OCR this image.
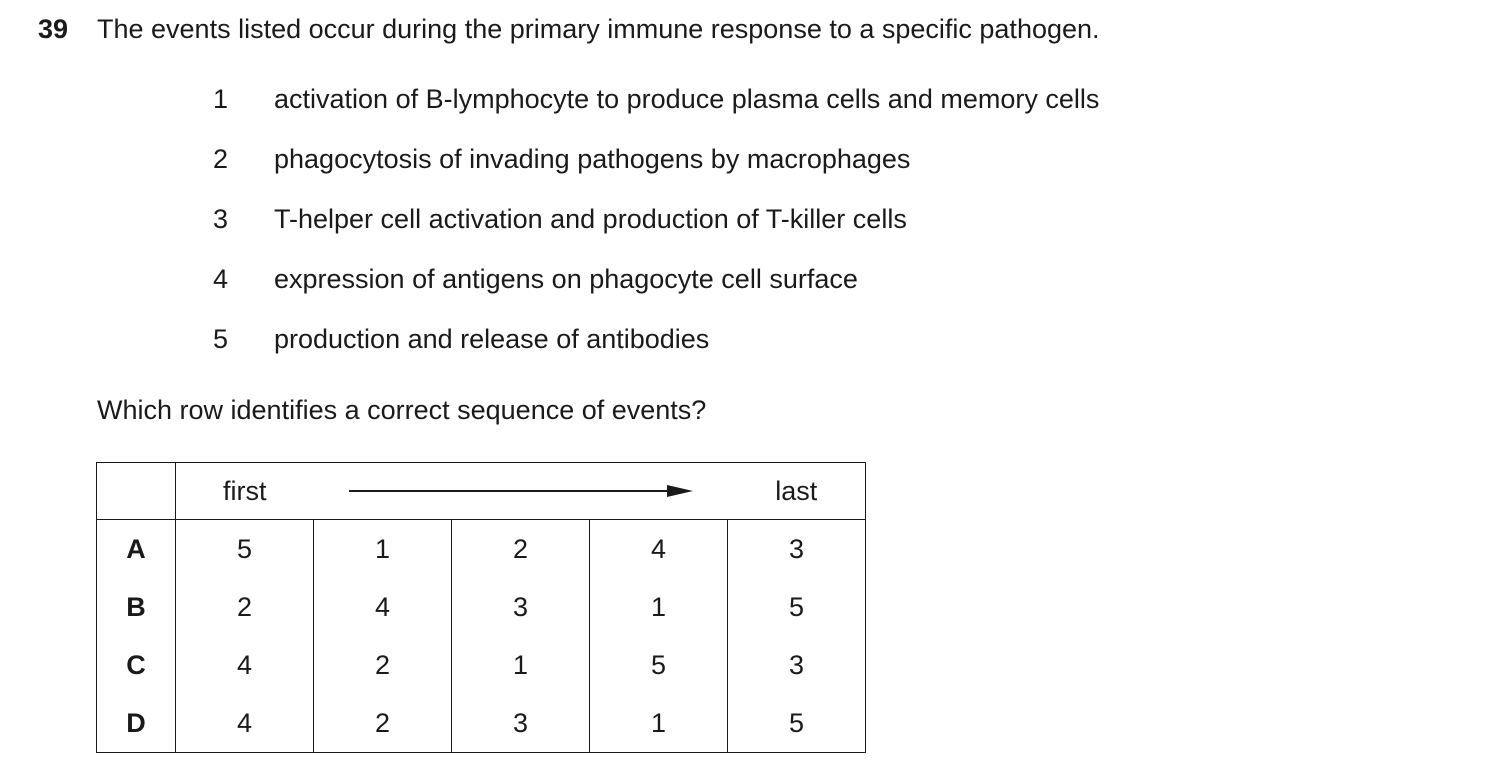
39 The events listed occur during the primary immune response to a specific pathogen.
1 activation of B-lymphocyte to produce plasma cells and memory cells
2 phagocytosis of invading pathogens by macrophages
3 T-helper cell activation and production of T-killer cells
4 expression of antigens on phagocyte cell surface
5 production and release of antibodies
Which row identifies a correct sequence of events?
	first				last
A	5	1	2	4	3
B	2	4	3	1	5
C	4	2	1	5	3
D	4	2	3	1	5
